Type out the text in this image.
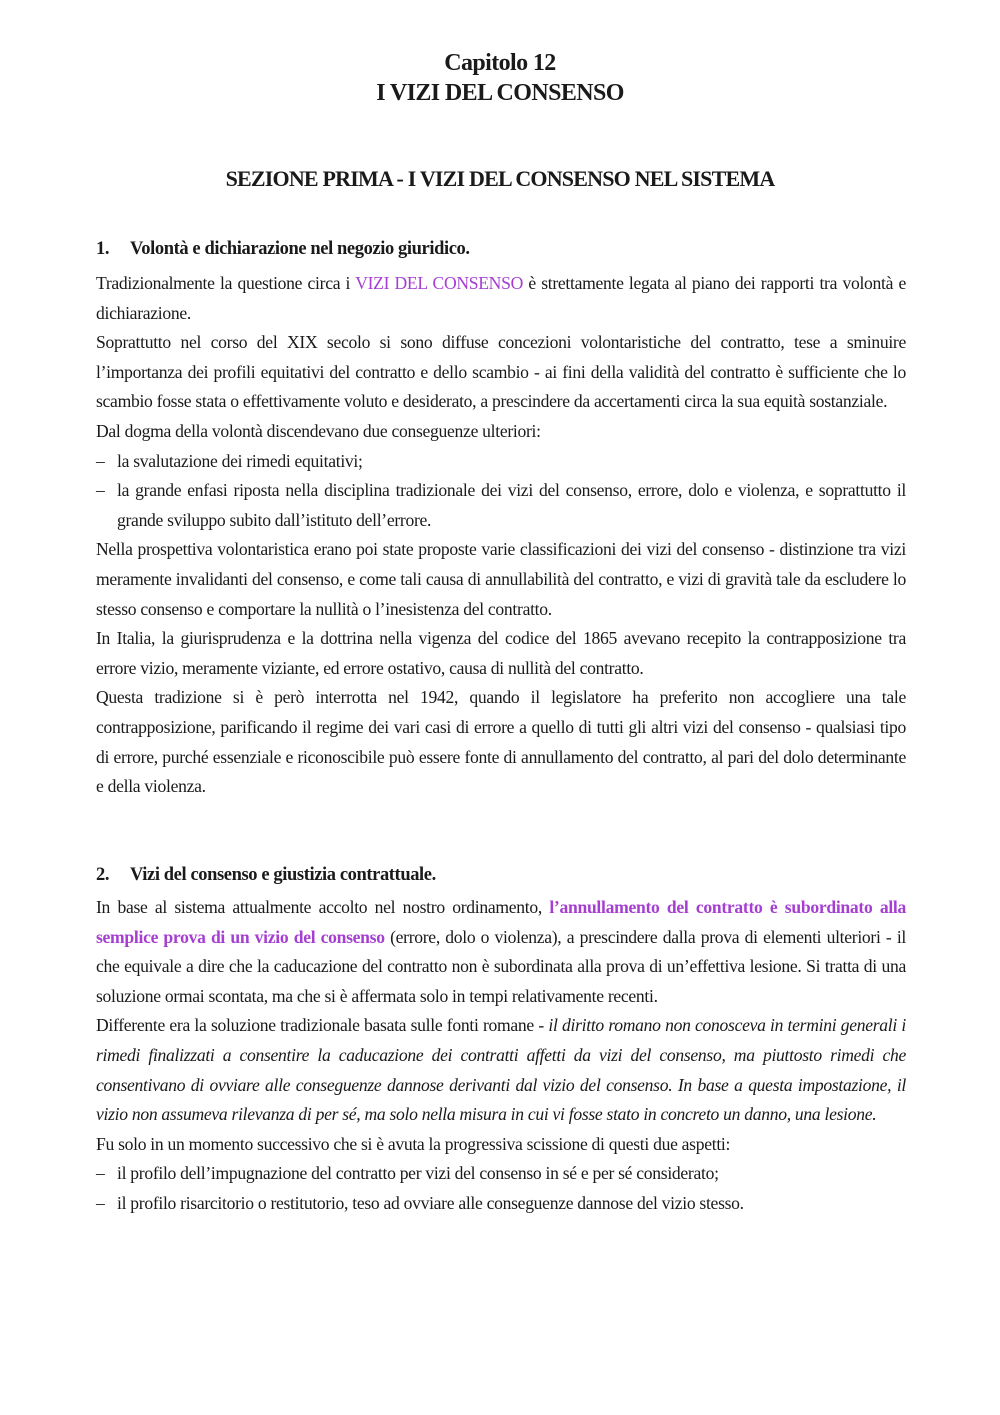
Capitolo 12
I VIZI DEL CONSENSO
SEZIONE PRIMA - I VIZI DEL CONSENSO NEL SISTEMA
1. Volontà e dichiarazione nel negozio giuridico.

Tradizionalmente la questione circa i VIZI DEL CONSENSO è strettamente legata al piano dei rapporti tra volontà e dichiarazione.

Soprattutto nel corso del XIX secolo si sono diffuse concezioni volontaristiche del contratto, tese a sminuire l’importanza dei profili equitativi del contratto e dello scambio - ai fini della validità del contratto è sufficiente che lo scambio fosse stata o effettivamente voluto e desiderato, a prescindere da accertamenti circa la sua equità sostanziale.

Dal dogma della volontà discendevano due conseguenze ulteriori:

– la svalutazione dei rimedi equitativi;
– la grande enfasi riposta nella disciplina tradizionale dei vizi del consenso, errore, dolo e violenza, e soprattutto il grande sviluppo subito dall’istituto dell’errore.

Nella prospettiva volontaristica erano poi state proposte varie classificazioni dei vizi del consenso - distinzione tra vizi meramente invalidanti del consenso, e come tali causa di annullabilità del contratto, e vizi di gravità tale da escludere lo stesso consenso e comportare la nullità o l’inesistenza del contratto.

In Italia, la giurisprudenza e la dottrina nella vigenza del codice del 1865 avevano recepito la contrapposizione tra errore vizio, meramente viziante, ed errore ostativo, causa di nullità del contratto.

Questa tradizione si è però interrotta nel 1942, quando il legislatore ha preferito non accogliere una tale contrapposizione, parificando il regime dei vari casi di errore a quello di tutti gli altri vizi del consenso - qualsiasi tipo di errore, purché essenziale e riconoscibile può essere fonte di annullamento del contratto, al pari del dolo determinante e della violenza.

2. Vizi del consenso e giustizia contrattuale.

In base al sistema attualmente accolto nel nostro ordinamento, l’annullamento del contratto è subordinato alla semplice prova di un vizio del consenso (errore, dolo o violenza), a prescindere dalla prova di elementi ulteriori - il che equivale a dire che la caducazione del contratto non è subordinata alla prova di un’effettiva lesione. Si tratta di una soluzione ormai scontata, ma che si è affermata solo in tempi relativamente recenti.

Differente era la soluzione tradizionale basata sulle fonti romane - il diritto romano non conosceva in termini generali i rimedi finalizzati a consentire la caducazione dei contratti affetti da vizi del consenso, ma piuttosto rimedi che consentivano di ovviare alle conseguenze dannose derivanti dal vizio del consenso. In base a questa impostazione, il vizio non assumeva rilevanza di per sé, ma solo nella misura in cui vi fosse stato in concreto un danno, una lesione.

Fu solo in un momento successivo che si è avuta la progressiva scissione di questi due aspetti:

– il profilo dell’impugnazione del contratto per vizi del consenso in sé e per sé considerato;
– il profilo risarcitorio o restitutorio, teso ad ovviare alle conseguenze dannose del vizio stesso.
